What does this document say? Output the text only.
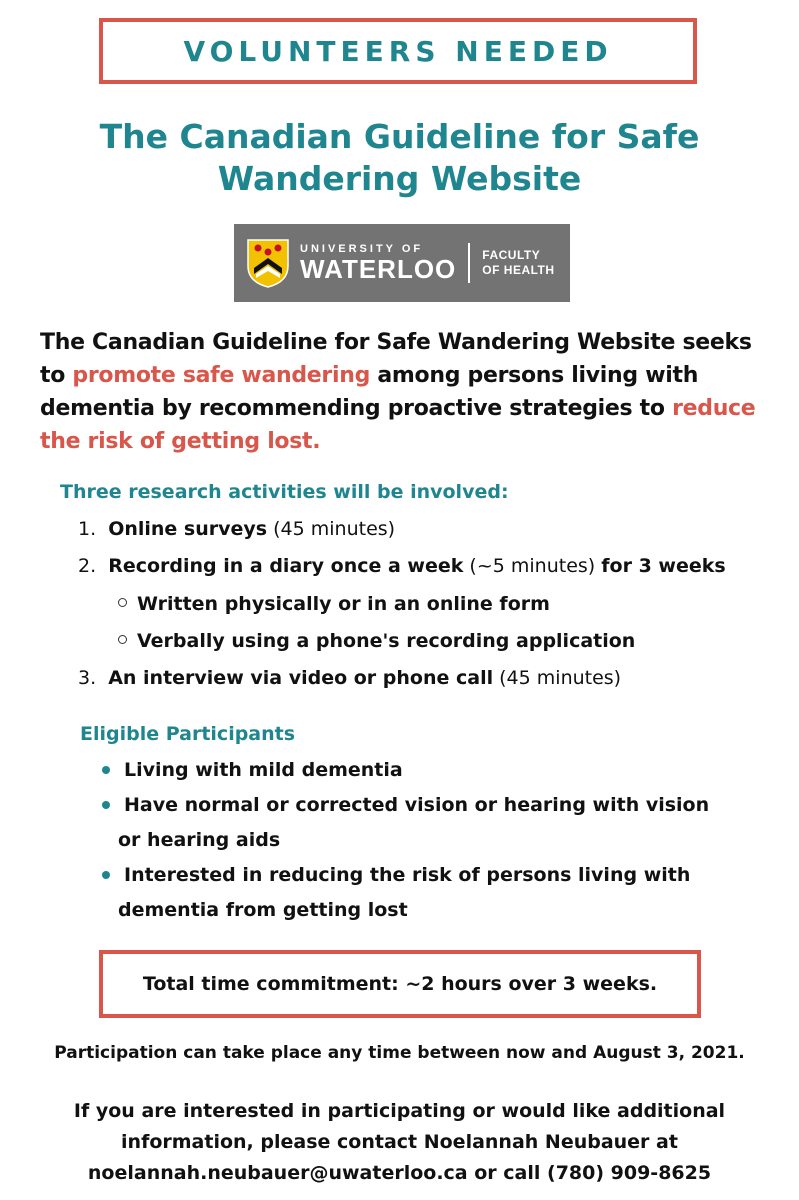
VOLUNTEERS NEEDED
The Canadian Guideline for Safe
Wandering Website
UNIVERSITY OF
WATERLOO FACULTY
OF HEALTH
The Canadian Guideline for Safe Wandering Website seeks to promote safe wandering among persons living with dementia by recommending proactive strategies to reduce the risk of getting lost.
Three research activities will be involved:
1. Online surveys (45 minutes)
2. Recording in a diary once a week (~5 minutes) for 3 weeks
Written physically or in an online form
Verbally using a phone's recording application
3. An interview via video or phone call (45 minutes)
Eligible Participants
Living with mild dementia
Have normal or corrected vision or hearing with vision
or hearing aids
Interested in reducing the risk of persons living with
dementia from getting lost
Total time commitment: ~2 hours over 3 weeks.
Participation can take place any time between now and August 3, 2021.
If you are interested in participating or would like additional
information, please contact Noelannah Neubauer at
noelannah.neubauer@uwaterloo.ca or call (780) 909-8625
